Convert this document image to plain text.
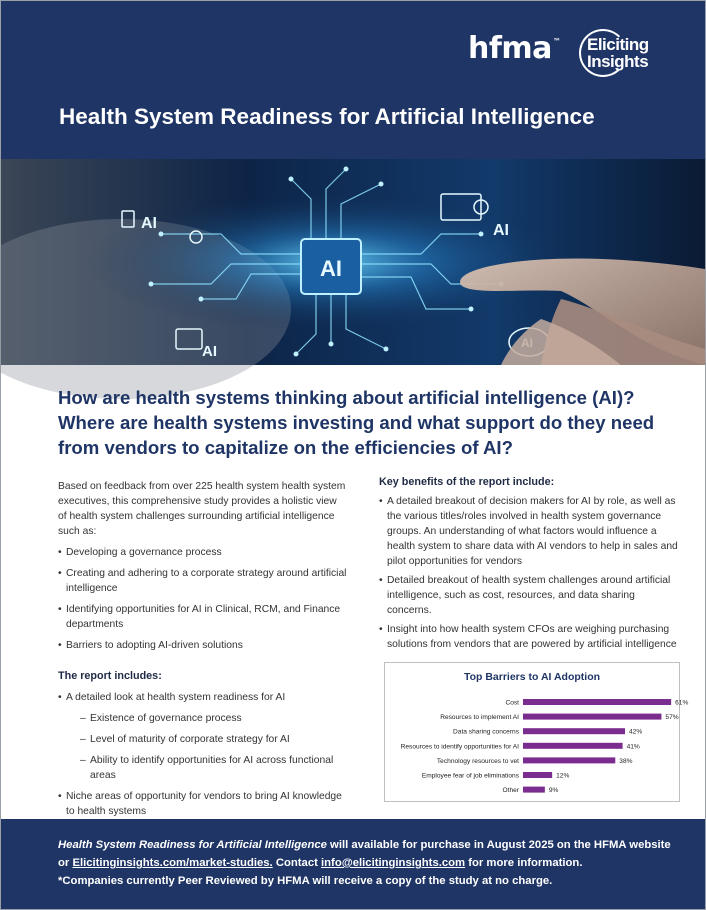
hfma™ Eliciting
Insights
Health System Readiness for Artificial Intelligence
AI
AI	AI
AI
How are health systems thinking about artificial intelligence (AI)? Where are health systems investing and what support do they need from vendors to capitalize on the efficiencies of AI?

Based on feedback from over 225 health system health system executives, this comprehensive study provides a holistic view of health system challenges surrounding artificial intelligence such as:

• Developing a governance process
• Creating and adhering to a corporate strategy around artificial intelligence
• Identifying opportunities for AI in Clinical, RCM, and Finance departments
• Barriers to adopting AI-driven solutions
The report includes:
• A detailed look at health system readiness for AI
– Existence of governance process
– Level of maturity of corporate strategy for AI
– Ability to identify opportunities for AI across functional areas
• Niche areas of opportunity for vendors to bring AI knowledge to health systems
Key benefits of the report include:
• A detailed breakout of decision makers for AI by role, as well as the various titles/roles involved in health system governance groups. An understanding of what factors would influence a health system to share data with AI vendors to help in sales and pilot opportunities for vendors
• Detailed breakout of health system challenges around artificial intelligence, such as cost, resources, and data sharing concerns.
• Insight into how health system CFOs are weighing purchasing solutions from vendors that are powered by artificial intelligence
Top Barriers to AI Adoption
Cost	61%
Resources to implement AI	57%
Data sharing concerns	42%
Resources to identify opportunities for AI	41%
Technology resources to vet	38%
Employee fear of job eliminations	12%
Other	9%
Health System Readiness for Artificial Intelligence will available for purchase in August 2025 on the HFMA website or Elicitinginsights.com/market-studies. Contact info@elicitinginsights.com for more information.
*Companies currently Peer Reviewed by HFMA will receive a copy of the study at no charge.
